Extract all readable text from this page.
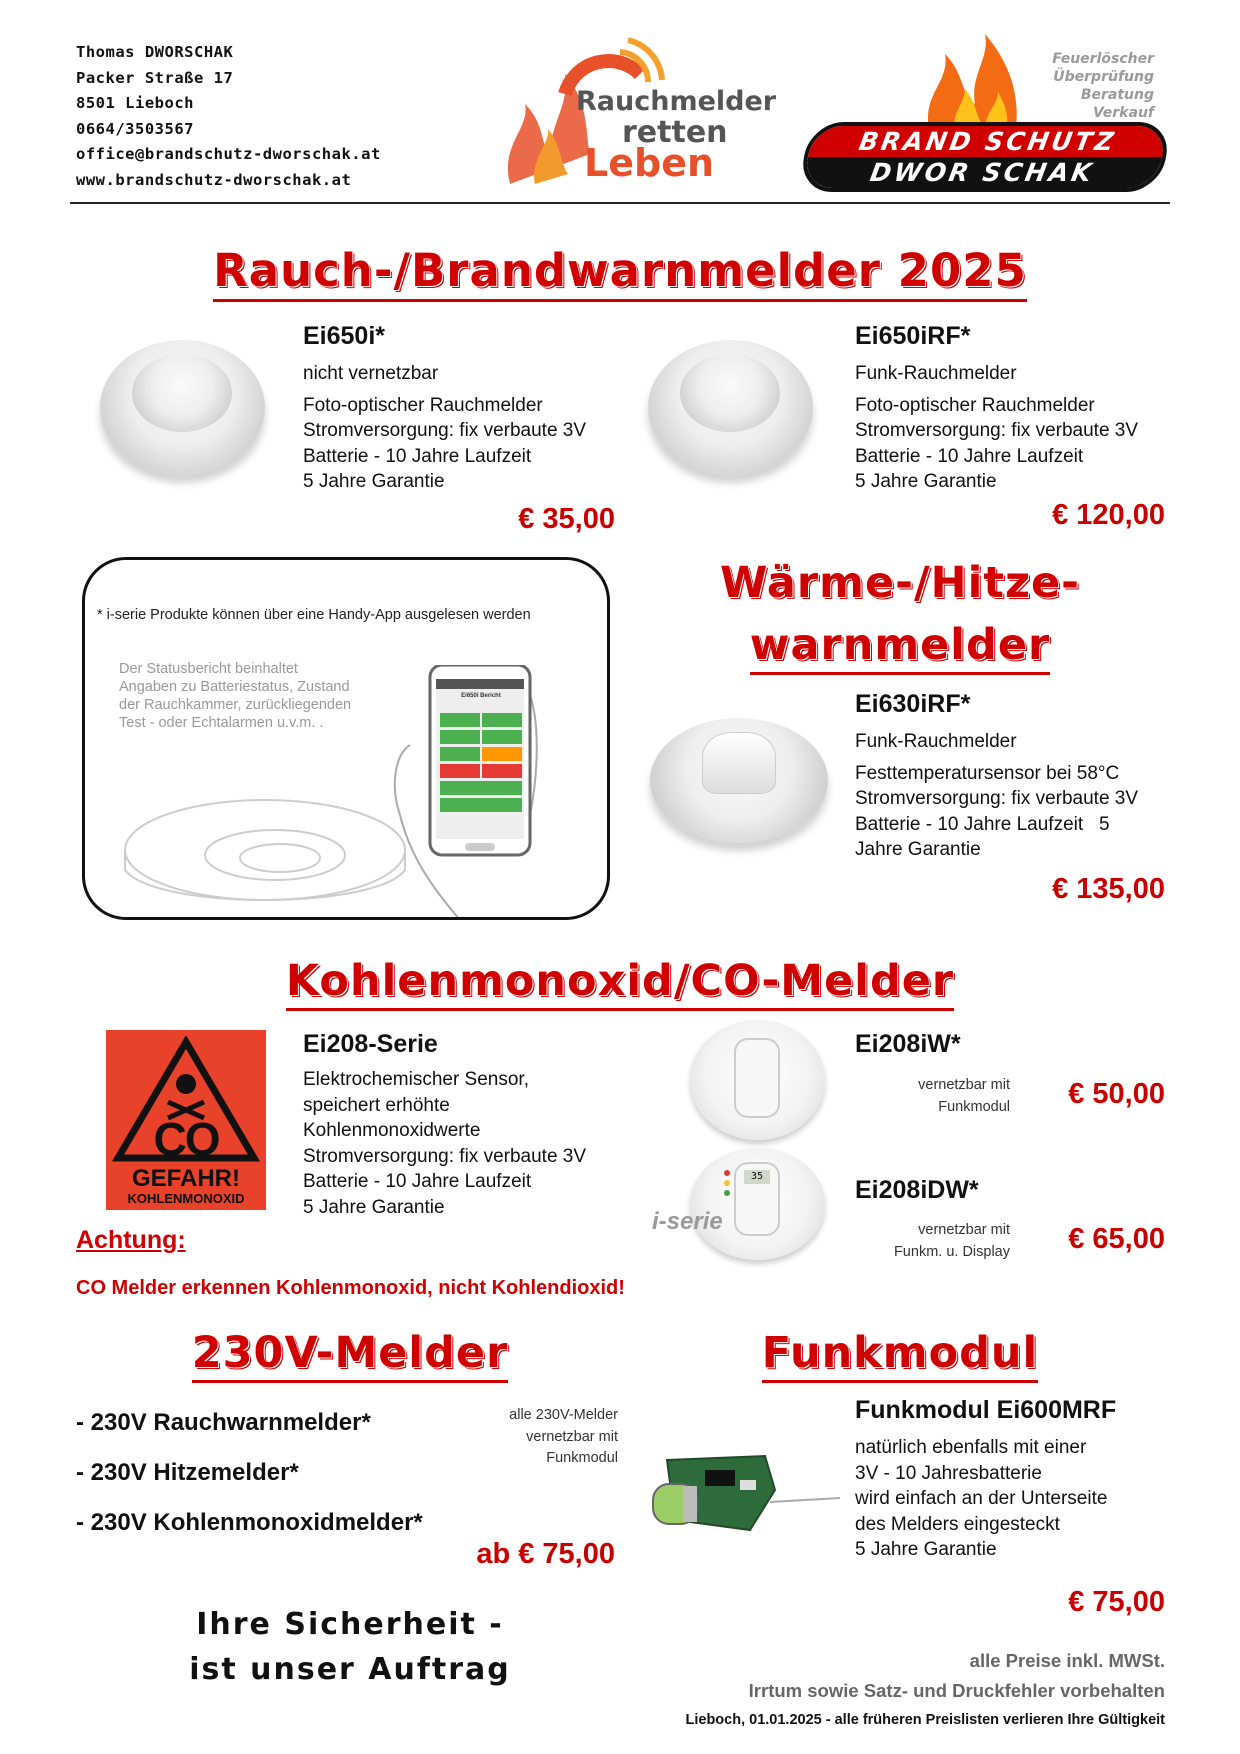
Thomas DWORSCHAK
Packer Straße 17
8501 Lieboch
0664/3503567
office@brandschutz-dworschak.at
www.brandschutz-dworschak.at
Rauchmelder
retten
Leben
Feuerlöscher
Überprüfung
Beratung
Verkauf
BRAND SCHUTZ
DWOR SCHAK
Rauch-/Brandwarnmelder 2025
Ei650i*
nicht vernetzbar
Foto-optischer Rauchmelder
Stromversorgung: fix verbaute 3V
Batterie - 10 Jahre Laufzeit
5 Jahre Garantie
€ 35,00
Ei650iRF*
Funk-Rauchmelder
Foto-optischer Rauchmelder
Stromversorgung: fix verbaute 3V
Batterie - 10 Jahre Laufzeit
5 Jahre Garantie
€ 120,00
* i-serie Produkte können über eine Handy-App ausgelesen werden
Der Statusbericht beinhaltet
Angaben zu Batteriestatus, Zustand
der Rauchkammer, zurückliegenden
Test - oder Echtalarmen u.v.m. .
Ei650i Bericht
Wärme-/Hitze-
warnmelder
Ei630iRF*
Funk-Rauchmelder
Festtemperatursensor bei 58°C
Stromversorgung: fix verbaute 3V
Batterie - 10 Jahre Laufzeit   5
Jahre Garantie
€ 135,00
Kohlenmonoxid/CO-Melder
CO
GEFAHR!
KOHLENMONOXID
Ei208-Serie
Elektrochemischer Sensor,
speichert erhöhte
Kohlenmonoxidwerte
Stromversorgung: fix verbaute 3V
Batterie - 10 Jahre Laufzeit
5 Jahre Garantie
35
i-serie
Ei208iW*
vernetzbar mit
Funkmodul	€ 50,00
Ei208iDW*
vernetzbar mit
Funkm. u. Display	€ 65,00
Achtung:
CO Melder erkennen Kohlenmonoxid, nicht Kohlendioxid!
230V-Melder
- 230V Rauchwarnmelder*
- 230V Hitzemelder*
- 230V Kohlenmonoxidmelder*
alle 230V-Melder
vernetzbar mit
Funkmodul
ab € 75,00
Funkmodul
Funkmodul Ei600MRF
natürlich ebenfalls mit einer
3V - 10 Jahresbatterie
wird einfach an der Unterseite
des Melders eingesteckt
5 Jahre Garantie
€ 75,00
Ihre Sicherheit -
ist unser Auftrag	alle Preise inkl. MWSt.
Irrtum sowie Satz- und Druckfehler vorbehalten
Lieboch, 01.01.2025 - alle früheren Preislisten verlieren Ihre Gültigkeit
